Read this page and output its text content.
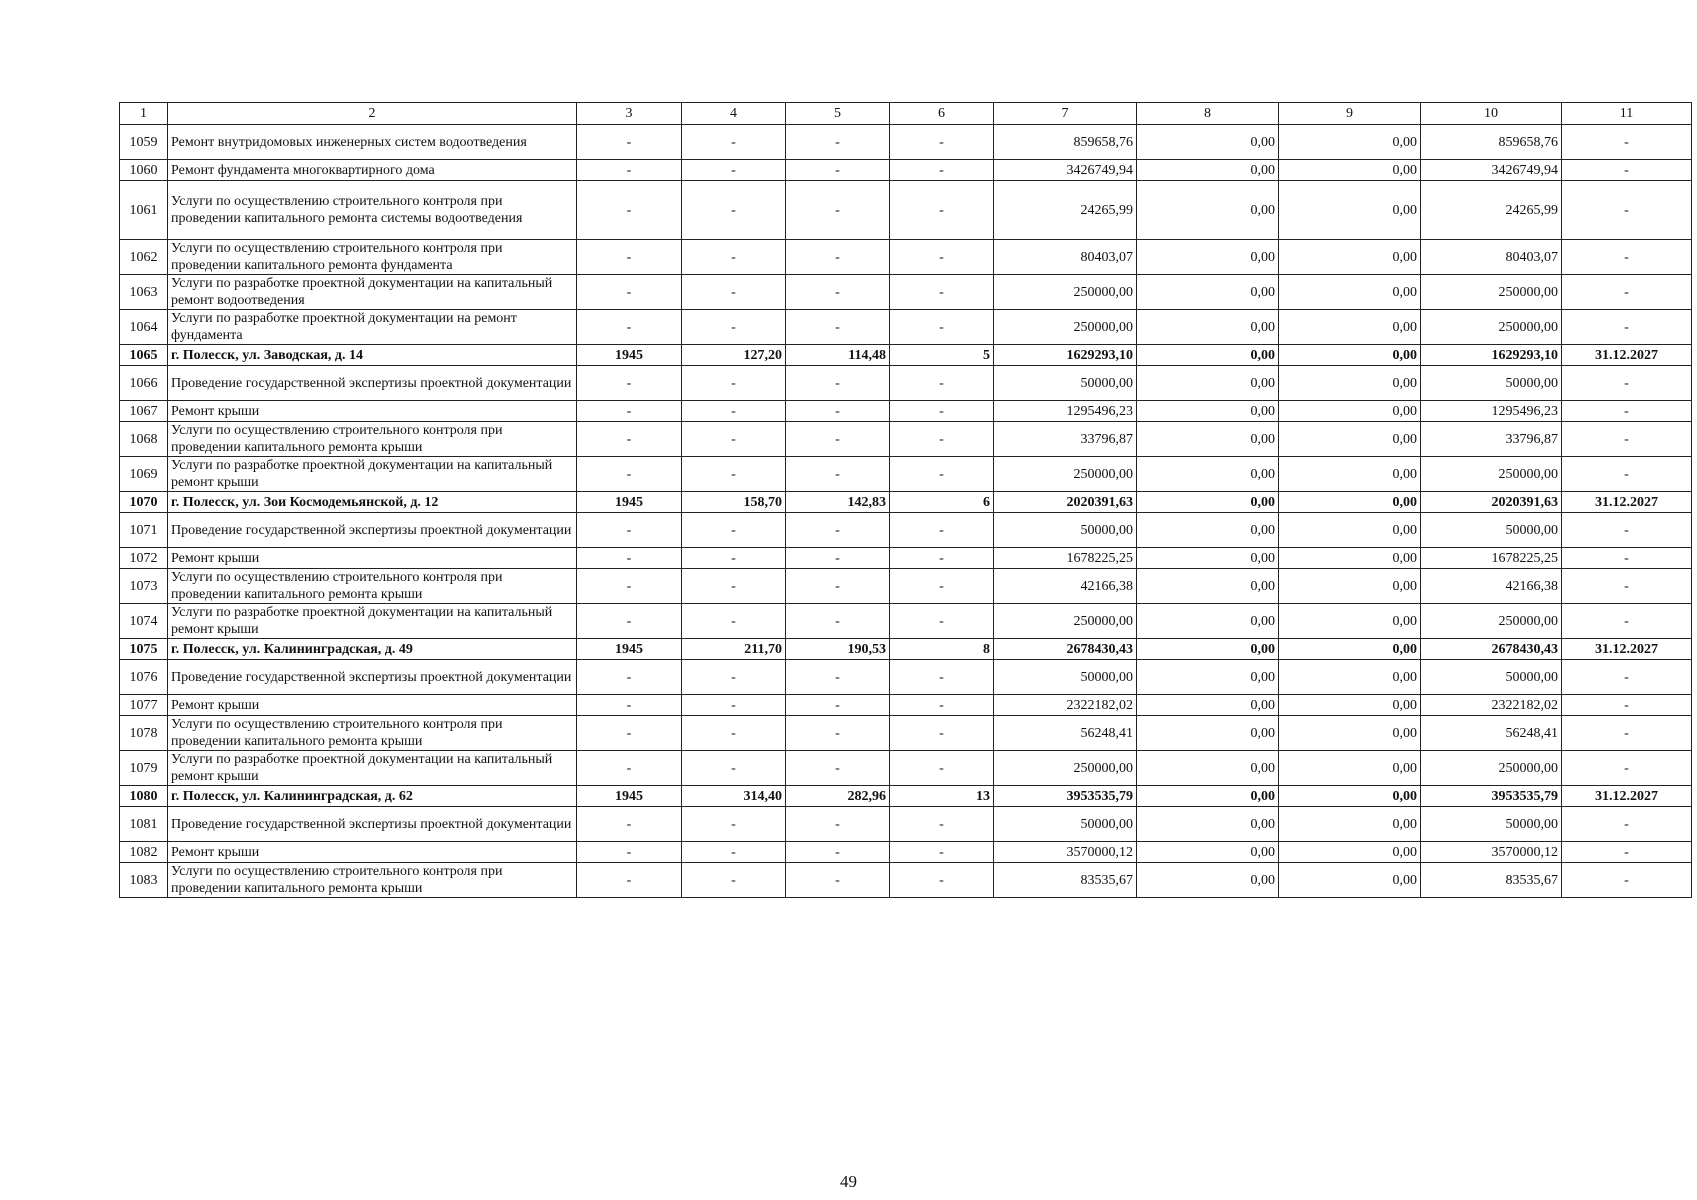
1	2	3	4	5	6	7	8	9	10	11
1059	Ремонт внутридомовых инженерных систем водоотведения	-	-	-	-	859658,76	0,00	0,00	859658,76	-
1060	Ремонт фундамента многоквартирного дома	-	-	-	-	3426749,94	0,00	0,00	3426749,94	-
1061	Услуги по осуществлению строительного контроля при проведении капитального ремонта системы водоотведения	-	-	-	-	24265,99	0,00	0,00	24265,99	-
1062	Услуги по осуществлению строительного контроля при проведении капитального ремонта фундамента	-	-	-	-	80403,07	0,00	0,00	80403,07	-
1063	Услуги по разработке проектной документации на капитальный ремонт водоотведения	-	-	-	-	250000,00	0,00	0,00	250000,00	-
1064	Услуги по разработке проектной документации на ремонт фундамента	-	-	-	-	250000,00	0,00	0,00	250000,00	-
1065	г. Полесск, ул. Заводская, д. 14	1945	127,20	114,48	5	1629293,10	0,00	0,00	1629293,10	31.12.2027
1066	Проведение государственной экспертизы проектной документации	-	-	-	-	50000,00	0,00	0,00	50000,00	-
1067	Ремонт крыши	-	-	-	-	1295496,23	0,00	0,00	1295496,23	-
1068	Услуги по осуществлению строительного контроля при проведении капитального ремонта крыши	-	-	-	-	33796,87	0,00	0,00	33796,87	-
1069	Услуги по разработке проектной документации на капитальный ремонт крыши	-	-	-	-	250000,00	0,00	0,00	250000,00	-
1070	г. Полесск, ул. Зои Космодемьянской, д. 12	1945	158,70	142,83	6	2020391,63	0,00	0,00	2020391,63	31.12.2027
1071	Проведение государственной экспертизы проектной документации	-	-	-	-	50000,00	0,00	0,00	50000,00	-
1072	Ремонт крыши	-	-	-	-	1678225,25	0,00	0,00	1678225,25	-
1073	Услуги по осуществлению строительного контроля при проведении капитального ремонта крыши	-	-	-	-	42166,38	0,00	0,00	42166,38	-
1074	Услуги по разработке проектной документации на капитальный ремонт крыши	-	-	-	-	250000,00	0,00	0,00	250000,00	-
1075	г. Полесск, ул. Калининградская, д. 49	1945	211,70	190,53	8	2678430,43	0,00	0,00	2678430,43	31.12.2027
1076	Проведение государственной экспертизы проектной документации	-	-	-	-	50000,00	0,00	0,00	50000,00	-
1077	Ремонт крыши	-	-	-	-	2322182,02	0,00	0,00	2322182,02	-
1078	Услуги по осуществлению строительного контроля при проведении капитального ремонта крыши	-	-	-	-	56248,41	0,00	0,00	56248,41	-
1079	Услуги по разработке проектной документации на капитальный ремонт крыши	-	-	-	-	250000,00	0,00	0,00	250000,00	-
1080	г. Полесск, ул. Калининградская, д. 62	1945	314,40	282,96	13	3953535,79	0,00	0,00	3953535,79	31.12.2027
1081	Проведение государственной экспертизы проектной документации	-	-	-	-	50000,00	0,00	0,00	50000,00	-
1082	Ремонт крыши	-	-	-	-	3570000,12	0,00	0,00	3570000,12	-
1083	Услуги по осуществлению строительного контроля при проведении капитального ремонта крыши	-	-	-	-	83535,67	0,00	0,00	83535,67	-
49
